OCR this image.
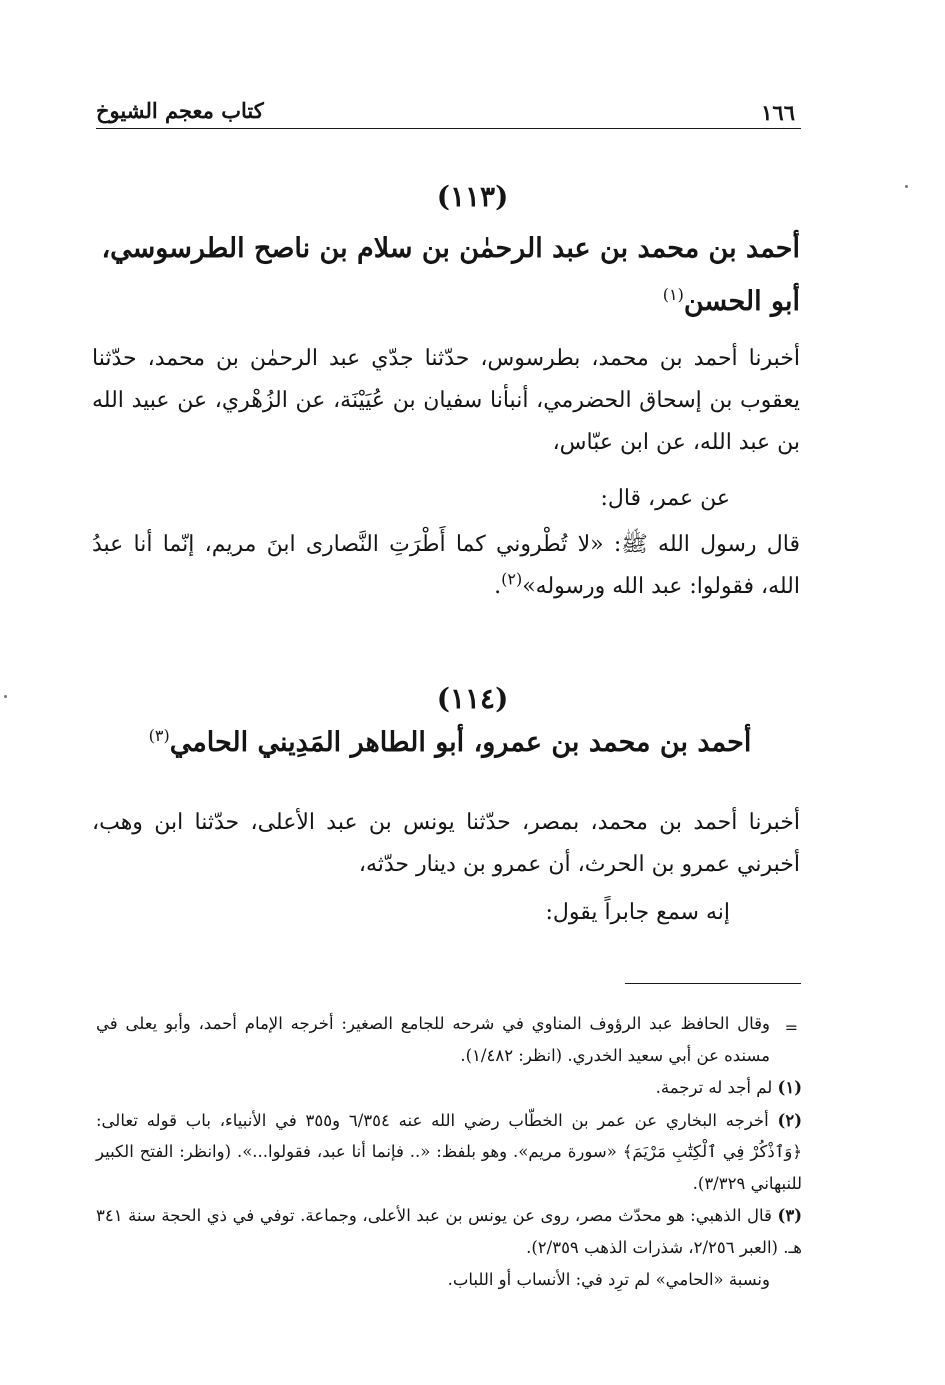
١٦٦
كتاب معجم الشيوخ
(١١٣)
أحمد بن محمد بن عبد الرحمٰن بن سلام بن ناصح الطرسوسي، أبو الحسن$^{(١)}$
أخبرنا أحمد بن محمد، بطرسوس، حدّثنا جدّي عبد الرحمٰن بن محمد، حدّثنا يعقوب بن إسحاق الحضرمي، أنبأنا سفيان بن عُيَيْنَة، عن الزُهْري، عن عبيد الله بن عبد الله، عن ابن عبّاس،
عن عمر، قال:
قال رسول الله ﷺ: «لا تُطْروني كما أَطْرَتِ النَّصارى ابنَ مريم، إنّما أنا عبدُ الله، فقولوا: عبد الله ورسوله»$^{(٢)}$.
(١١٤)
أحمد بن محمد بن عمرو، أبو الطاهر المَدِيني الحامي$^{(٣)}$
أخبرنا أحمد بن محمد، بمصر، حدّثنا يونس بن عبد الأعلى، حدّثنا ابن وهب، أخبرني عمرو بن الحرث، أن عمرو بن دينار حدّثه،
إنه سمع جابراً يقول:
=
وقال الحافظ عبد الرؤوف المناوي في شرحه للجامع الصغير: أخرجه الإمام أحمد، وأبو يعلى في مسنده عن أبي سعيد الخدري. (انظر: ١/٤٨٢).
(١) لم أجد له ترجمة.
(٢) أخرجه البخاري عن عمر بن الخطّاب رضي الله عنه ٦/٣٥٤ و٣٥٥ في الأنبياء، باب قوله تعالى: ﴿وَٱذْكُرْ فِي ٱلْكِتَٰبِ مَرْيَمَ﴾ «سورة مريم». وهو بلفظ: «.. فإنما أنا عبد، فقولوا...». (وانظر: الفتح الكبير للنبهاني ٣/٣٢٩).
(٣) قال الذهبي: هو محدّث مصر، روى عن يونس بن عبد الأعلى، وجماعة. توفي في ذي الحجة سنة ٣٤١ هـ. (العبر ٢/٢٥٦، شذرات الذهب ٢/٣٥٩).
ونسبة «الحامي» لم ترِد في: الأنساب أو اللباب.
